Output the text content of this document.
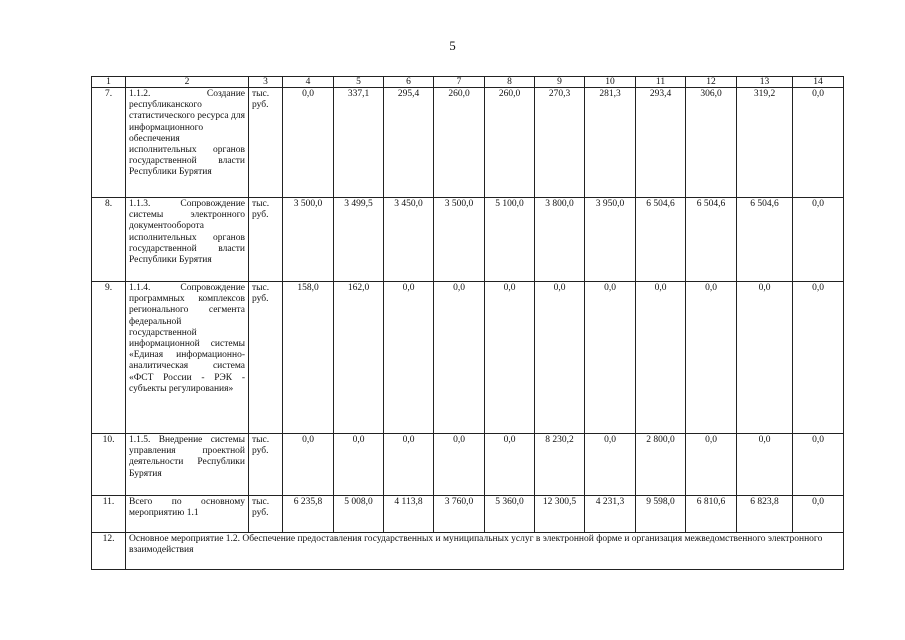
5
1	2	3	4	5	6	7	8	9	10	11	12	13	14
7.	1.1.2. Создание республиканского статистического ресурса для информационного обеспечения исполнительных органов государственной власти Республики Бурятия	тыс. руб.	0,0	337,1	295,4	260,0	260,0	270,3	281,3	293,4	306,0	319,2	0,0
8.	1.1.3. Сопровождение системы электронного документооборота исполнительных органов государственной власти Республики Бурятия	тыс. руб.	3 500,0	3 499,5	3 450,0	3 500,0	5 100,0	3 800,0	3 950,0	6 504,6	6 504,6	6 504,6	0,0
9.	1.1.4. Сопровождение программных комплексов регионального сегмента федеральной государственной информационной системы «Единая информационно-аналитическая система «ФСТ России - РЭК - субъекты регулирования»	тыс. руб.	158,0	162,0	0,0	0,0	0,0	0,0	0,0	0,0	0,0	0,0	0,0
10.	1.1.5. Внедрение системы управления проектной деятельности Республики Бурятия	тыс. руб.	0,0	0,0	0,0	0,0	0,0	8 230,2	0,0	2 800,0	0,0	0,0	0,0
11.	Всего по основному мероприятию 1.1	тыс. руб.	6 235,8	5 008,0	4 113,8	3 760,0	5 360,0	12 300,5	4 231,3	9 598,0	6 810,6	6 823,8	0,0
12.	Основное мероприятие 1.2. Обеспечение предоставления государственных и муниципальных услуг в электронной форме и организация межведомственного электронного взаимодействия												
